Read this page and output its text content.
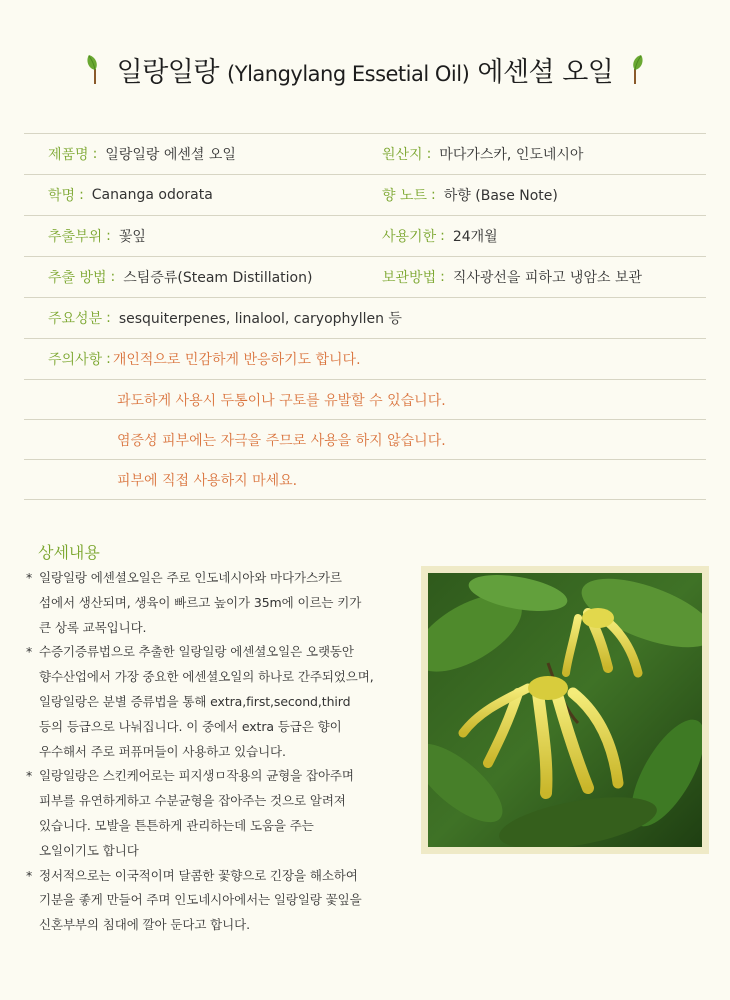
일랑일랑 (Ylangylang Essetial Oil) 에센셜 오일
제품명 : 일랑일랑 에센셜 오일	원산지 : 마다가스카, 인도네시아
학명 : Cananga odorata	향 노트 : 하향 (Base Note)
추출부위 : 꽃잎	사용기한 : 24개월
추출 방법 : 스팀증류(Steam Distillation)	보관방법 : 직사광선을 피하고 냉암소 보관
주요성분 : sesquiterpenes, linalool, caryophyllen 등
주의사항 : 개인적으로 민감하게 반응하기도 합니다.
과도하게 사용시 두통이나 구토를 유발할 수 있습니다.
염증성 피부에는 자극을 주므로 사용을 하지 않습니다.
피부에 직접 사용하지 마세요.
상세내용
* 일랑일랑 에센셜오일은 주로 인도네시아와 마다가스카르
섬에서 생산되며, 생육이 빠르고 높이가 35m에 이르는 키가
큰 상록 교목입니다.
* 수증기증류법으로 추출한 일랑일랑 에센셜오일은 오랫동안
향수산업에서 가장 중요한 에센셜오일의 하나로 간주되었으며,
일랑일랑은 분별 증류법을 통해 extra,first,second,third
등의 등급으로 나눠집니다. 이 중에서 extra 등급은 향이
우수해서 주로 퍼퓨머들이 사용하고 있습니다.
* 일랑일랑은 스킨케어로는 피지생ㅁ작용의 균형을 잡아주며
피부를 유연하게하고 수분균형을 잡아주는 것으로 알려져
있습니다. 모발을 튼튼하게 관리하는데 도움을 주는
오일이기도 합니다
* 정서적으로는 이국적이며 달콤한 꽃향으로 긴장을 해소하여
기분을 좋게 만들어 주며 인도네시아에서는 일랑일랑 꽃잎을
신혼부부의 침대에 깔아 둔다고 합니다.
